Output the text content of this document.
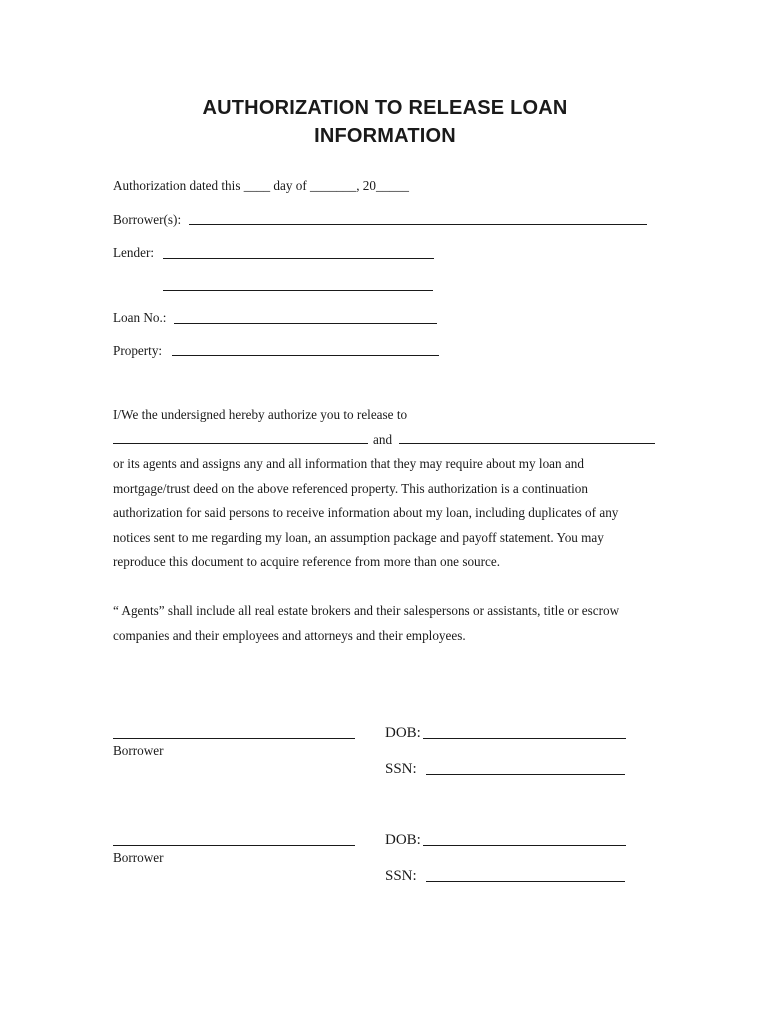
AUTHORIZATION TO RELEASE LOAN
INFORMATION
Authorization dated this ____ day of _______, 20_____
Borrower(s):
Lender:
Loan No.:
Property:
I/We the undersigned hereby authorize you to release to
and
or its agents and assigns any and all information that they may require about my loan and
mortgage/trust deed on the above referenced property. This authorization is a continuation
authorization for said persons to receive information about my loan, including duplicates of any
notices sent to me regarding my loan, an assumption package and payoff statement. You may
reproduce this document to acquire reference from more than one source.
“ Agents” shall include all real estate brokers and their salespersons or assistants, title or escrow
companies and their employees and attorneys and their employees.
Borrower
DOB:
SSN:
Borrower
DOB:
SSN:
